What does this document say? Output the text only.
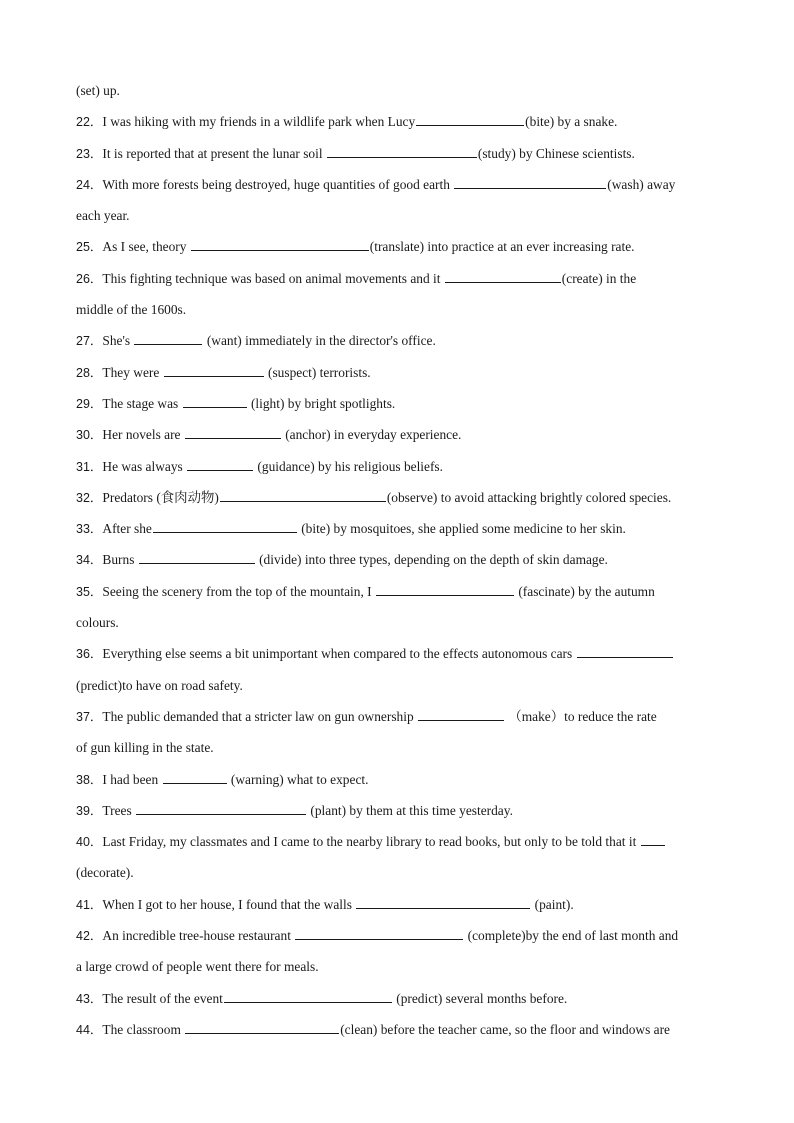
(set) up.
22．I was hiking with my friends in a wildlife park when Lucy	(bite) by a snake.
23．It is reported that at present the lunar soil	(study) by Chinese scientists.
24．With more forests being destroyed, huge quantities of good earth	(wash) away
each year.
25．As I see, theory	(translate) into practice at an ever increasing rate.
26．This fighting technique was based on animal movements and it	(create) in the
middle of the 1600s.
27．She's	(want) immediately in the director's office.
28．They were	(suspect) terrorists.
29．The stage was	(light) by bright spotlights.
30．Her novels are	(anchor) in everyday experience.
31．He was always	(guidance) by his religious beliefs.
32．Predators (食肉动物)	(observe) to avoid attacking brightly colored species.
33．After she	(bite) by mosquitoes, she applied some medicine to her skin.
34．Burns	(divide) into three types, depending on the depth of skin damage.
35．Seeing the scenery from the top of the mountain, I	(fascinate) by the autumn
colours.
36．Everything else seems a bit unimportant when compared to the effects autonomous cars
(predict)to have on road safety.
37．The public demanded that a stricter law on gun ownership	（make）to reduce the rate
of gun killing in the state.
38．I had been	(warning) what to expect.
39．Trees	(plant) by them at this time yesterday.
40．Last Friday, my classmates and I came to the nearby library to read books, but only to be told that it
(decorate).
41．When I got to her house, I found that the walls	(paint).
42．An incredible tree-house restaurant	(complete)by the end of last month and
a large crowd of people went there for meals.
43．The result of the event	(predict) several months before.
44．The classroom	(clean) before the teacher came, so the floor and windows are
